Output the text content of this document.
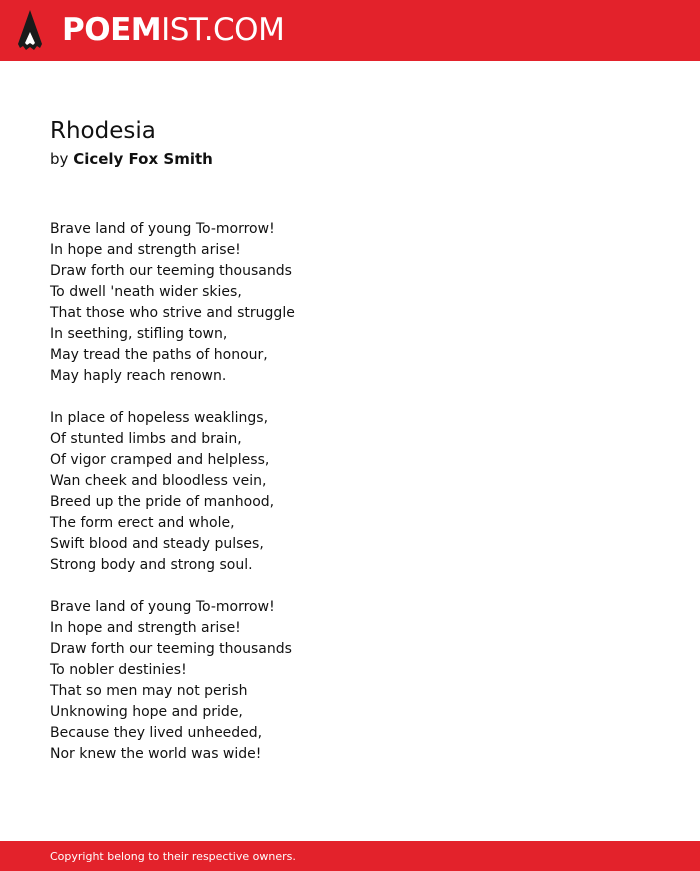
POEMIST.COM
Rhodesia
by Cicely Fox Smith
Brave land of young To-morrow!
In hope and strength arise!
Draw forth our teeming thousands
To dwell 'neath wider skies,
That those who strive and struggle
In seething, stifling town,
May tread the paths of honour,
May haply reach renown.
In place of hopeless weaklings,
Of stunted limbs and brain,
Of vigor cramped and helpless,
Wan cheek and bloodless vein,
Breed up the pride of manhood,
The form erect and whole,
Swift blood and steady pulses,
Strong body and strong soul.
Brave land of young To-morrow!
In hope and strength arise!
Draw forth our teeming thousands
To nobler destinies!
That so men may not perish
Unknowing hope and pride,
Because they lived unheeded,
Nor knew the world was wide!
Copyright belong to their respective owners.
